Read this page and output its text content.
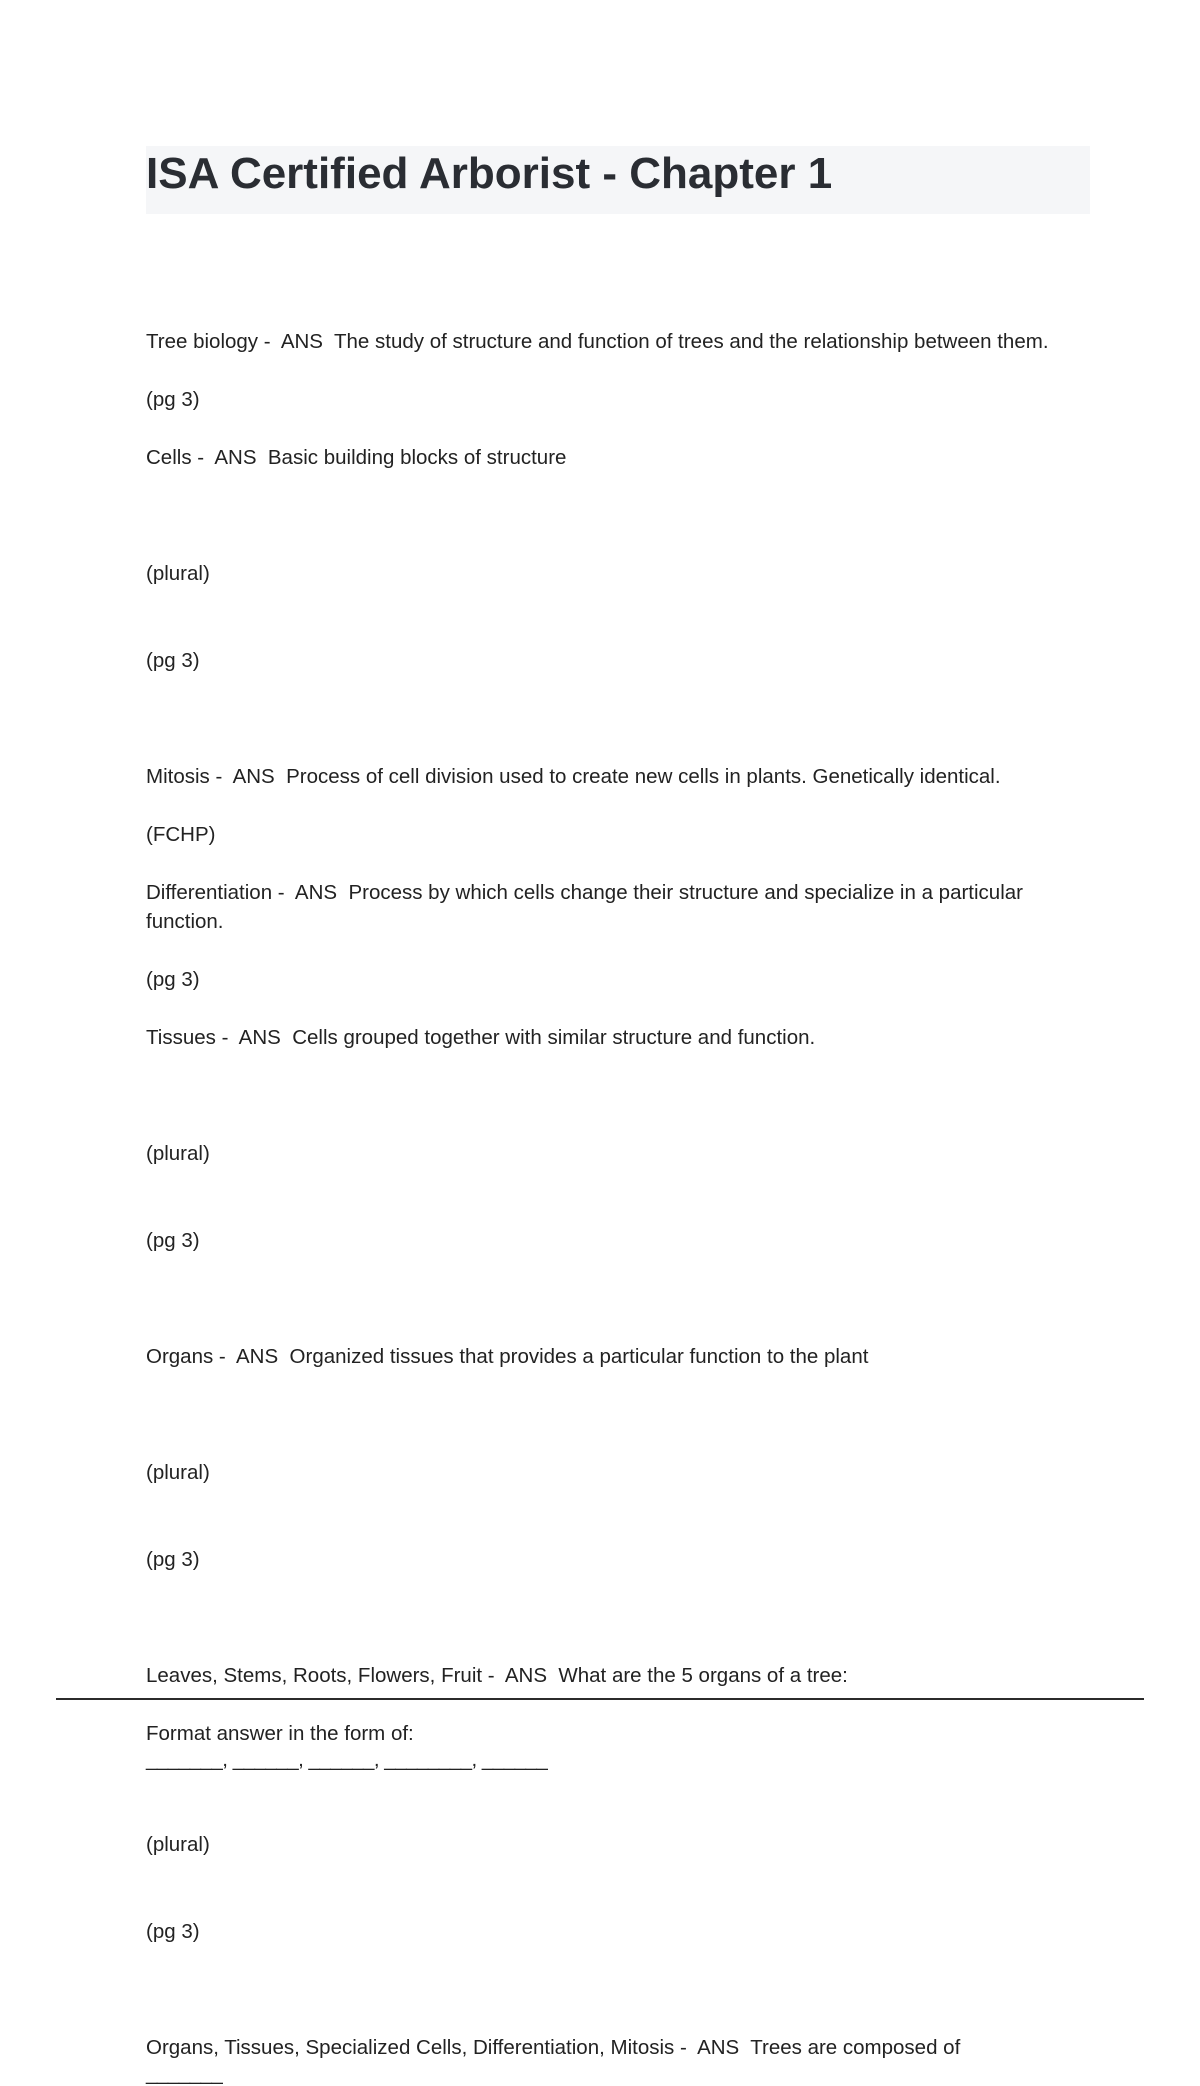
ISA Certified Arborist - Chapter 1

Tree biology -  ANS  The study of structure and function of trees and the relationship between them.

(pg 3)

Cells -  ANS  Basic building blocks of structure

(plural)

(pg 3)

Mitosis -  ANS  Process of cell division used to create new cells in plants. Genetically identical.

(FCHP)

Differentiation -  ANS  Process by which cells change their structure and specialize in a particular function.

(pg 3)

Tissues -  ANS  Cells grouped together with similar structure and function.

(plural)

(pg 3)

Organs -  ANS  Organized tissues that provides a particular function to the plant

(plural)

(pg 3)

Leaves, Stems, Roots, Flowers, Fruit -  ANS  What are the 5 organs of a tree:

Format answer in the form of:

_______, ______, ______, ________, ______

(plural)

(pg 3)

Organs, Tissues, Specialized Cells, Differentiation, Mitosis -  ANS  Trees are composed of

_______
